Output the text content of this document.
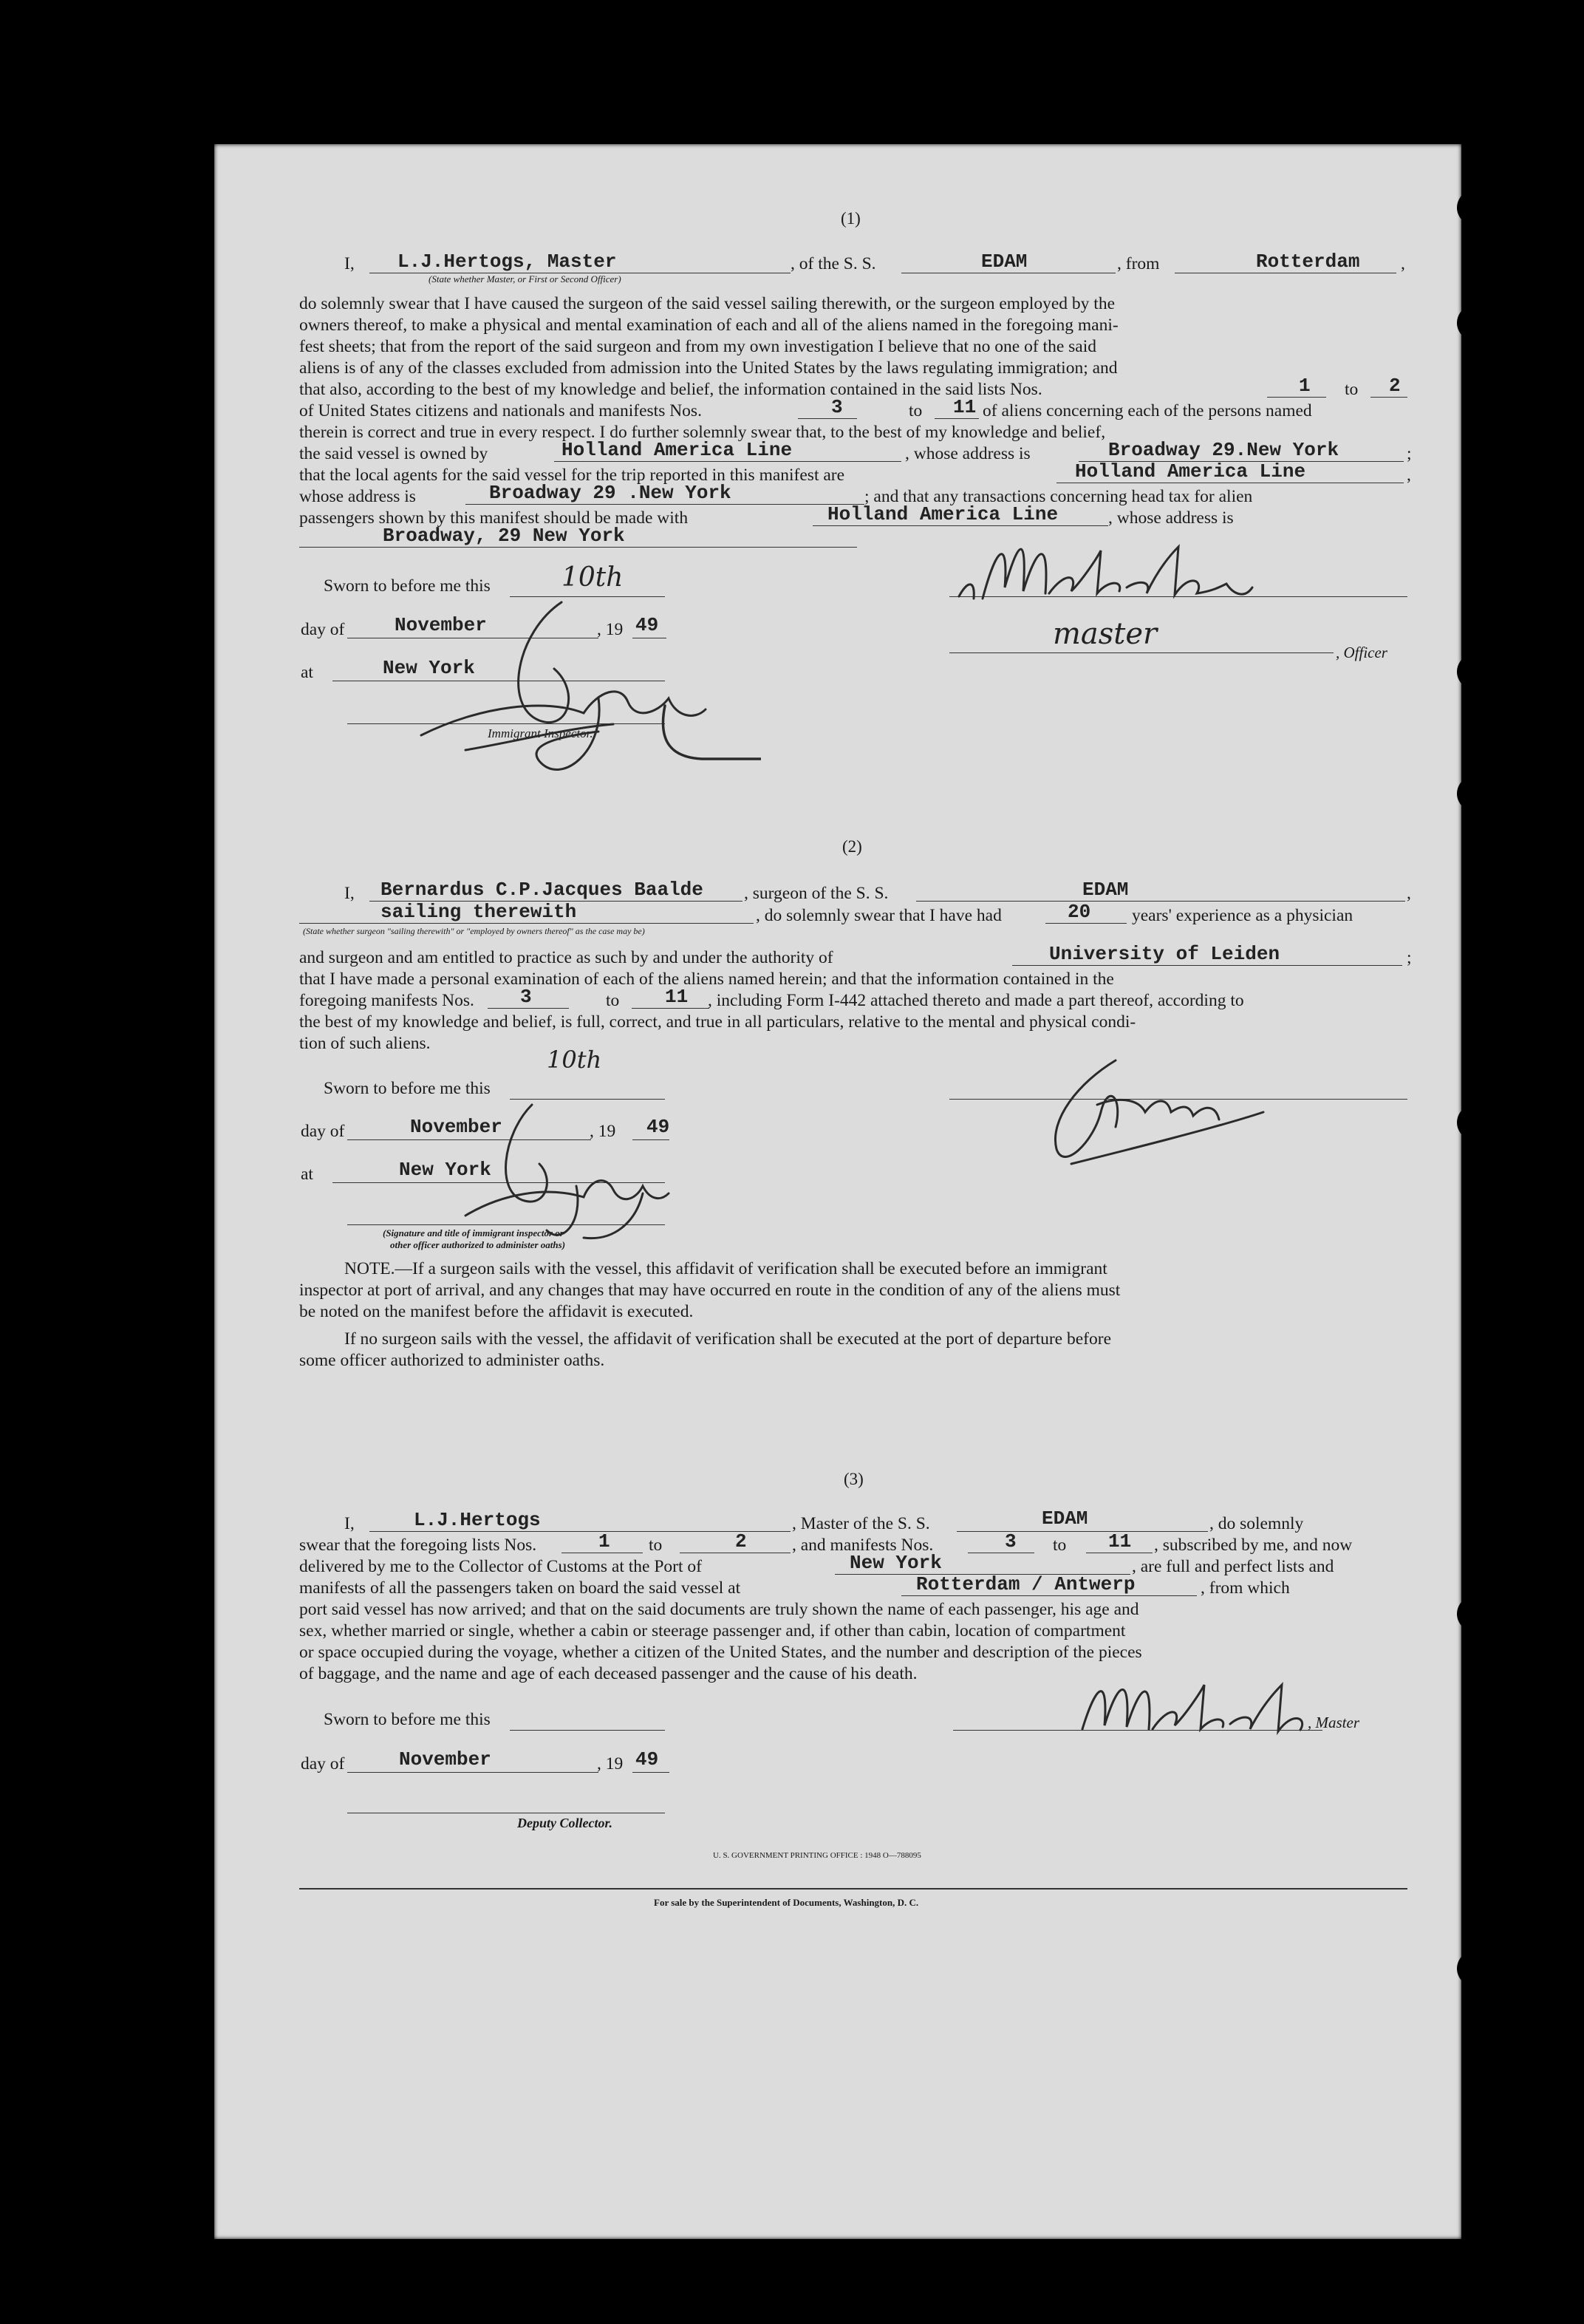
(1)
I, L.J.Hertogs, Master
(State whether Master, or First or Second Officer)
, of the S. S.	EDAM	, from	Rotterdam ,
do solemnly swear that I have caused the surgeon of the said vessel sailing therewith, or the surgeon employed by the
owners thereof, to make a physical and mental examination of each and all of the aliens named in the foregoing mani-
fest sheets; that from the report of the said surgeon and from my own investigation I believe that no one of the said
aliens is of any of the classes excluded from admission into the United States by the laws regulating immigration; and
that also, according to the best of my knowledge and belief, the information contained in the said lists Nos.	1 to 2
of United States citizens and nationals and manifests Nos.	3	to 11 of aliens concerning each of the persons named
therein is correct and true in every respect. I do further solemnly swear that, to the best of my knowledge and belief,
the said vessel is owned by	Holland America Line	, whose address is	Broadway 29.New York	;
that the local agents for the said vessel for the trip reported in this manifest are	Holland America Line	,
whose address is	Broadway 29 .New York	; and that any transactions concerning head tax for alien
passengers shown by this manifest should be made with	Holland America Line	, whose address is
Broadway, 29 New York
Sworn to before me this	10th
day of	November	, 19 49
at	New York
Immigrant Inspector.
, Officer
master
(2)
I, Bernardus C.P.Jacques Baalde , surgeon of the S. S.	EDAM	,
sailing therewith	, do solemnly swear that I have had	20 years' experience as a physician
(State whether surgeon "sailing therewith" or "employed by owners thereof" as the case may be)
and surgeon and am entitled to practice as such by and under the authority of	University of Leiden	;
that I have made a personal examination of each of the aliens named herein; and that the information contained in the
foregoing manifests Nos. 3	to 11 , including Form I-442 attached thereto and made a part thereof, according to
the best of my knowledge and belief, is full, correct, and true in all particulars, relative to the mental and physical condi-
tion of such aliens.
Sworn to before me this
10th
day of	November	, 19 49
at	New York
(Signature and title of immigrant inspector or
other officer authorized to administer oaths)
NOTE.—If a surgeon sails with the vessel, this affidavit of verification shall be executed before an immigrant
inspector at port of arrival, and any changes that may have occurred en route in the condition of any of the aliens must
be noted on the manifest before the affidavit is executed.
If no surgeon sails with the vessel, the affidavit of verification shall be executed at the port of departure before
some officer authorized to administer oaths.
(3)
I,	L.J.Hertogs	, Master of the S. S.	EDAM	, do solemnly
swear that the foregoing lists Nos.	1 to	2	, and manifests Nos.	3 to 11 , subscribed by me, and now
delivered by me to the Collector of Customs at the Port of	New York	, are full and perfect lists and
manifests of all the passengers taken on board the said vessel at	Rotterdam / Antwerp	, from which
port said vessel has now arrived; and that on the said documents are truly shown the name of each passenger, his age and
sex, whether married or single, whether a cabin or steerage passenger and, if other than cabin, location of compartment
or space occupied during the voyage, whether a citizen of the United States, and the number and description of the pieces
of baggage, and the name and age of each deceased passenger and the cause of his death.
Sworn to before me this	, Master
day of	November	, 19 49
Deputy Collector.
U. S. GOVERNMENT PRINTING OFFICE : 1948 O—788095
For sale by the Superintendent of Documents, Washington, D. C.
